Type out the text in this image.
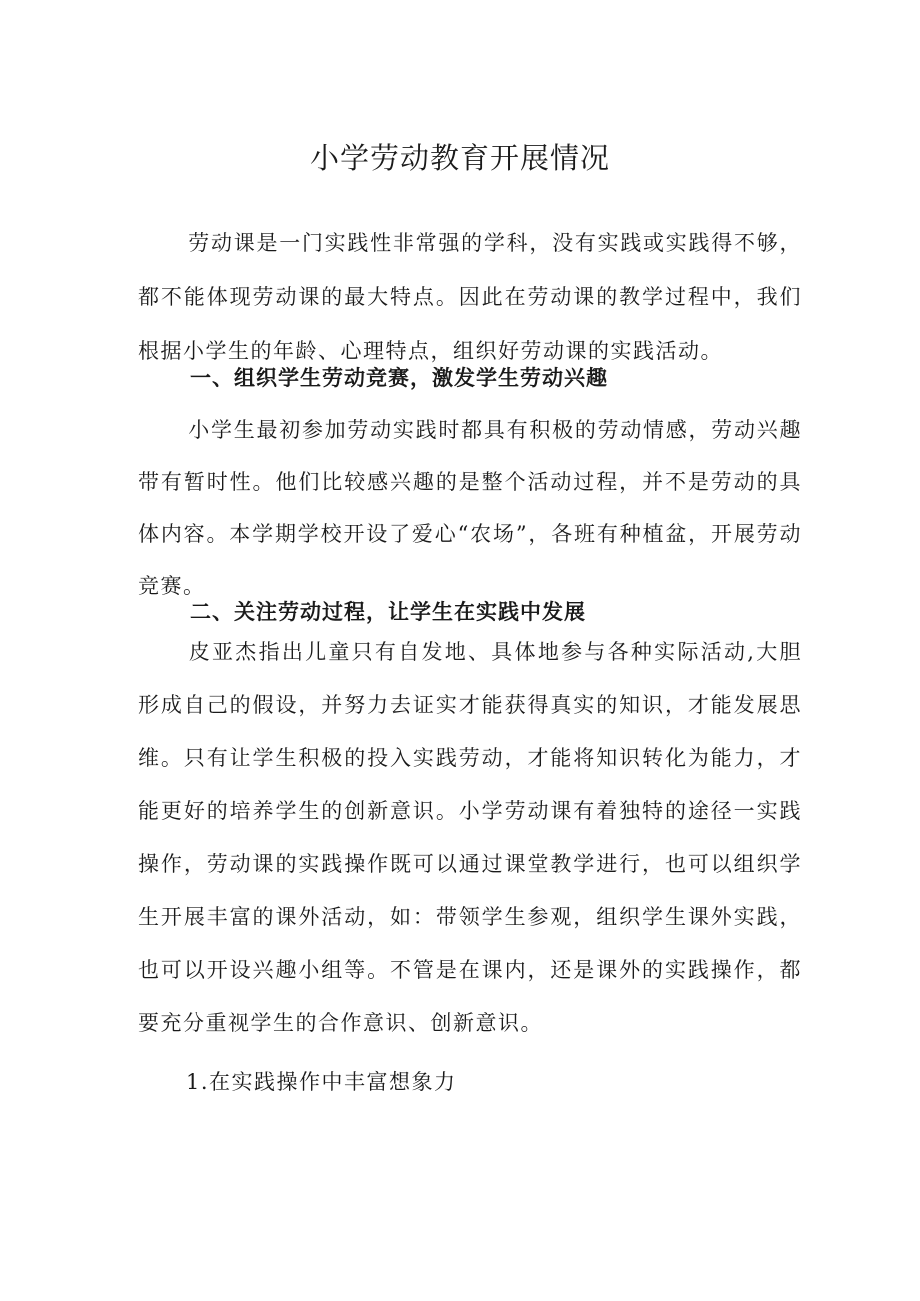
小学劳动教育开展情况

劳动课是一门实践性非常强的学科，没有实践或实践得不够，都不能体现劳动课的最大特点。因此在劳动课的教学过程中，我们根据小学生的年龄、心理特点，组织好劳动课的实践活动。

一、组织学生劳动竞赛，激发学生劳动兴趣

小学生最初参加劳动实践时都具有积极的劳动情感，劳动兴趣带有暂时性。他们比较感兴趣的是整个活动过程，并不是劳动的具体内容。本学期学校开设了爱心“农场”，各班有种植盆，开展劳动竞赛。

二、关注劳动过程，让学生在实践中发展

皮亚杰指出儿童只有自发地、具体地参与各种实际活动,大胆形成自己的假设，并努力去证实才能获得真实的知识，才能发展思维。只有让学生积极的投入实践劳动，才能将知识转化为能力，才能更好的培养学生的创新意识。小学劳动课有着独特的途径一实践操作，劳动课的实践操作既可以通过课堂教学进行，也可以组织学生开展丰富的课外活动，如：带领学生参观，组织学生课外实践，也可以开设兴趣小组等。不管是在课内，还是课外的实践操作，都要充分重视学生的合作意识、创新意识。

1.在实践操作中丰富想象力
